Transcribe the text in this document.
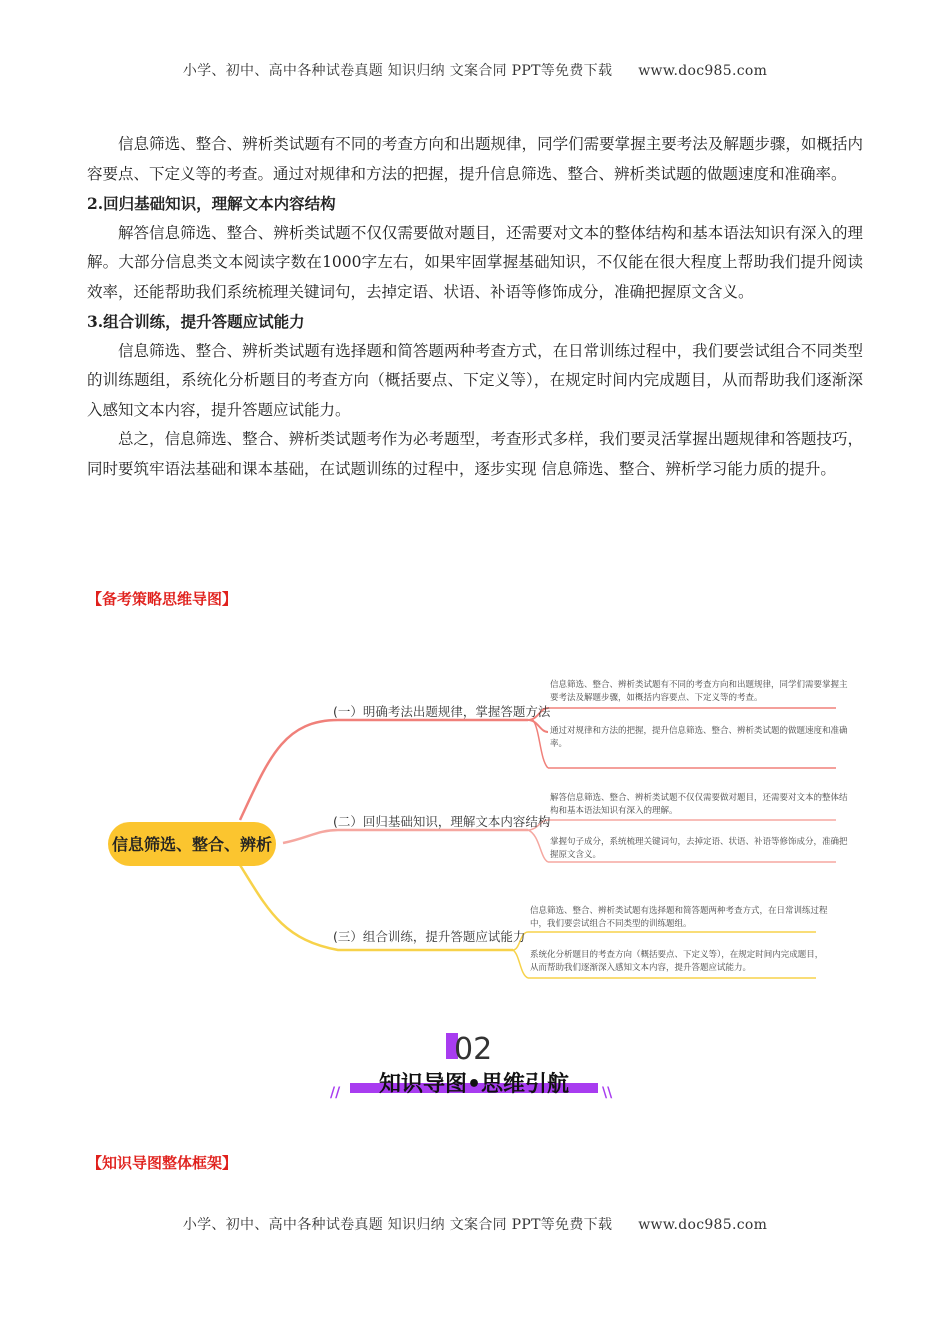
小学、初中、高中各种试卷真题 知识归纳 文案合同 PPT等免费下载 www.doc985.com

信息筛选、整合、辨析类试题有不同的考查方向和出题规律，同学们需要掌握主要考法及解题步骤，如概括内容要点、下定义等的考查。通过对规律和方法的把握，提升信息筛选、整合、辨析类试题的做题速度和准确率。

2.回归基础知识，理解文本内容结构

解答信息筛选、整合、辨析类试题不仅仅需要做对题目，还需要对文本的整体结构和基本语法知识有深入的理解。大部分信息类文本阅读字数在1000字左右，如果牢固掌握基础知识，不仅能在很大程度上帮助我们提升阅读效率，还能帮助我们系统梳理关键词句，去掉定语、状语、补语等修饰成分，准确把握原文含义。

3.组合训练，提升答题应试能力

信息筛选、整合、辨析类试题有选择题和简答题两种考查方式，在日常训练过程中，我们要尝试组合不同类型的训练题组，系统化分析题目的考查方向（概括要点、下定义等），在规定时间内完成题目，从而帮助我们逐渐深入感知文本内容，提升答题应试能力。

总之，信息筛选、整合、辨析类试题考作为必考题型，考查形式多样，我们要灵活掌握出题规律和答题技巧，同时要筑牢语法基础和课本基础，在试题训练的过程中，逐步实现 信息筛选、整合、辨析学习能力质的提升。

【备考策略思维导图】
信息筛选、整合、辨析
(一）明确考法出题规律，掌握答题方法
(二）回归基础知识，理解文本内容结构
(三）组合训练，提升答题应试能力
信息筛选、整合、辨析类试题有不同的考查方向和出题规律，同学们需要掌握主 要考法及解题步骤，如概括内容要点、下定义等的考查。
通过对规律和方法的把握，提升信息筛选、整合、辨析类试题的做题速度和准确 率。
解答信息筛选、整合、辨析类试题不仅仅需要做对题目，还需要对文本的整体结 构和基本语法知识有深入的理解。
掌握句子成分，系统梳理关键词句，去掉定语、状语、补语等修饰成分，准确把 握原文含义。
信息筛选、整合、辨析类试题有选择题和简答题两种考查方式，在日常训练过程 中，我们要尝试组合不同类型的训练题组。
系统化分析题目的考查方向（概括要点、下定义等），在规定时间内完成题目， 从而帮助我们逐渐深入感知文本内容，提升答题应试能力。
02
知识导图•思维引航
//	\\
【知识导图整体框架】
小学、初中、高中各种试卷真题 知识归纳 文案合同 PPT等免费下载 www.doc985.com
